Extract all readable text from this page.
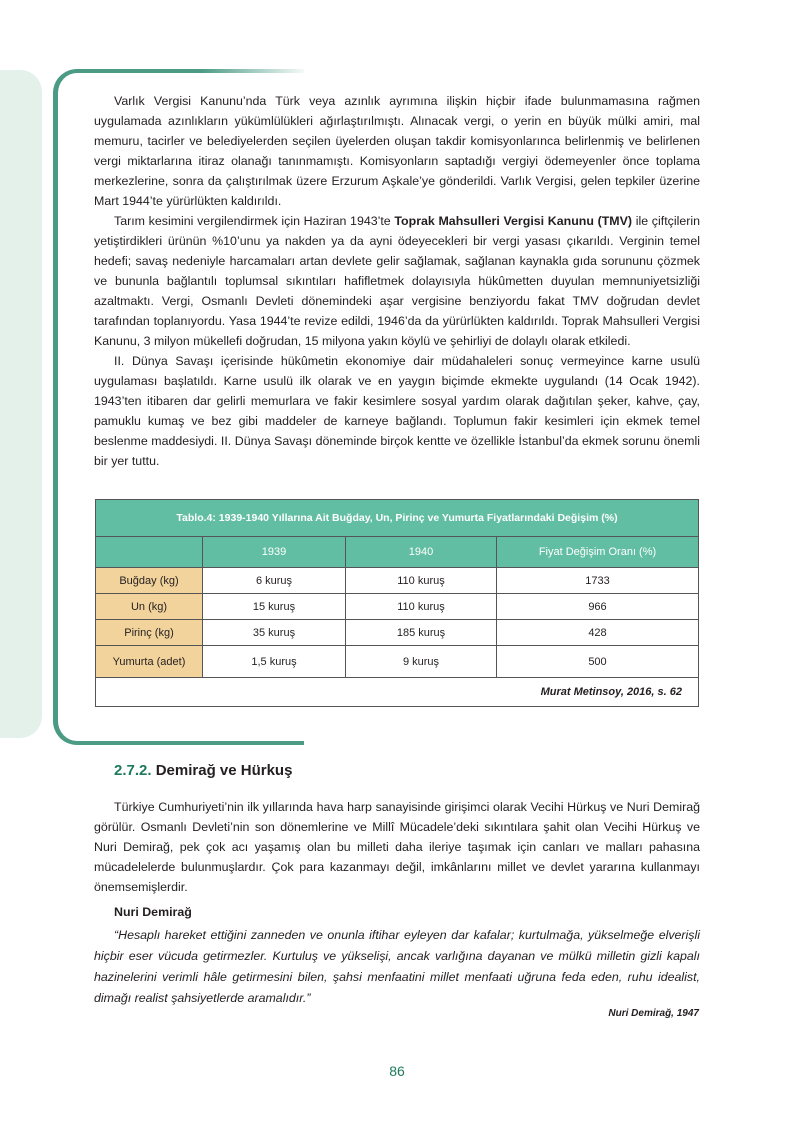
Varlık Vergisi Kanunu’nda Türk veya azınlık ayrımına ilişkin hiçbir ifade bulunmamasına rağmen uygulamada azınlıkların yükümlülükleri ağırlaştırılmıştı. Alınacak vergi, o yerin en büyük mülki amiri, mal memuru, tacirler ve belediyelerden seçilen üyelerden oluşan takdir komisyonlarınca belirlenmiş ve belirlenen vergi miktarlarına itiraz olanağı tanınmamıştı. Komisyonların saptadığı vergiyi ödemeyenler önce toplama merkezlerine, sonra da çalıştırılmak üzere Erzurum Aşkale’ye gönderildi. Varlık Vergisi, gelen tepkiler üzerine Mart 1944’te yürürlükten kaldırıldı.

Tarım kesimini vergilendirmek için Haziran 1943’te Toprak Mahsulleri Vergisi Kanunu (TMV) ile çiftçilerin yetiştirdikleri ürünün %10’unu ya nakden ya da ayni ödeyecekleri bir vergi yasası çıkarıldı. Verginin temel hedefi; savaş nedeniyle harcamaları artan devlete gelir sağlamak, sağlanan kaynakla gıda sorununu çözmek ve bununla bağlantılı toplumsal sıkıntıları hafifletmek dolayısıyla hükûmetten duyulan memnuniyetsizliği azaltmaktı. Vergi, Osmanlı Devleti dönemindeki aşar vergisine benziyordu fakat TMV doğrudan devlet tarafından toplanıyordu. Yasa 1944’te revize edildi, 1946’da da yürürlükten kaldırıldı. Toprak Mahsulleri Vergisi Kanunu, 3 milyon mükellefi doğrudan, 15 milyona yakın köylü ve şehirliyi de dolaylı olarak etkiledi.

II. Dünya Savaşı içerisinde hükûmetin ekonomiye dair müdahaleleri sonuç vermeyince karne usulü uygulaması başlatıldı. Karne usulü ilk olarak ve en yaygın biçimde ekmekte uygulandı (14 Ocak 1942). 1943’ten itibaren dar gelirli memurlara ve fakir kesimlere sosyal yardım olarak dağıtılan şeker, kahve, çay, pamuklu kumaş ve bez gibi maddeler de karneye bağlandı. Toplumun fakir kesimleri için ekmek temel beslenme maddesiydi. II. Dünya Savaşı döneminde birçok kentte ve özellikle İstanbul’da ekmek sorunu önemli bir yer tuttu.

Tablo.4: 1939-1940 Yıllarına Ait Buğday, Un, Pirinç ve Yumurta Fiyatlarındaki Değişim (%)			
	1939	1940	Fiyat Değişim Oranı (%)
Buğday (kg)	6 kuruş	110 kuruş	1733
Un (kg)	15 kuruş	110 kuruş	966
Pirinç (kg)	35 kuruş	185 kuruş	428
Yumurta (adet)	1,5 kuruş	9 kuruş	500
Murat Metinsoy, 2016, s. 62			
2.7.2. Demirağ ve Hürkuş

Türkiye Cumhuriyeti’nin ilk yıllarında hava harp sanayisinde girişimci olarak Vecihi Hürkuş ve Nuri Demirağ görülür. Osmanlı Devleti’nin son dönemlerine ve Millî Mücadele’deki sıkıntılara şahit olan Vecihi Hürkuş ve Nuri Demirağ, pek çok acı yaşamış olan bu milleti daha ileriye taşımak için canları ve malları pahasına mücadelelerde bulunmuşlardır. Çok para kazanmayı değil, imkânlarını millet ve devlet yararına kullanmayı önemsemişlerdir.

Nuri Demirağ

“Hesaplı hareket ettiğini zanneden ve onunla iftihar eyleyen dar kafalar; kurtulmağa, yükselmeğe elverişli hiçbir eser vücuda getirmezler. Kurtuluş ve yükselişi, ancak varlığına dayanan ve mülkü milletin gizli kapalı hazinelerini verimli hâle getirmesini bilen, şahsi menfaatini millet menfaati uğruna feda eden, ruhu idealist, dimağı realist şahsiyetlerde aramalıdır.”

Nuri Demirağ, 1947
86
